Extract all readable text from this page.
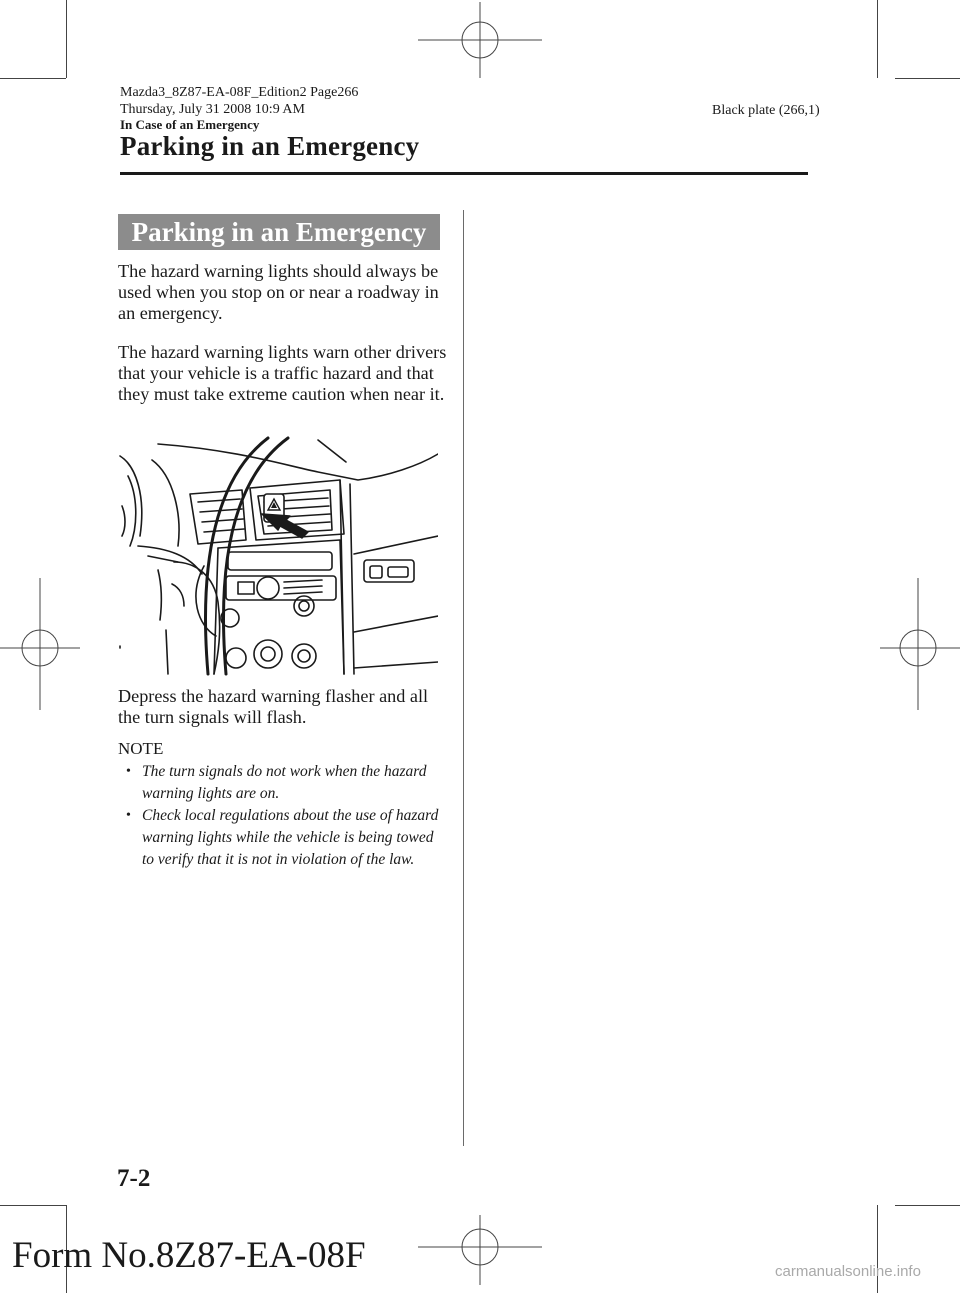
Mazda3_8Z87-EA-08F_Edition2 Page266
Thursday, July 31 2008 10:9 AM	Black plate (266,1)
In Case of an Emergency
Parking in an Emergency
Parking in an Emergency
The hazard warning lights should always be used when you stop on or near a roadway in an emergency.
The hazard warning lights warn other drivers that your vehicle is a traffic hazard and that they must take extreme caution when near it.
Depress the hazard warning flasher and all the turn signals will flash.
NOTE
• The turn signals do not work when the hazard warning lights are on.
• Check local regulations about the use of hazard warning lights while the vehicle is being towed to verify that it is not in violation of the law.
7-2
Form No.8Z87-EA-08F	carmanualsonline.info
